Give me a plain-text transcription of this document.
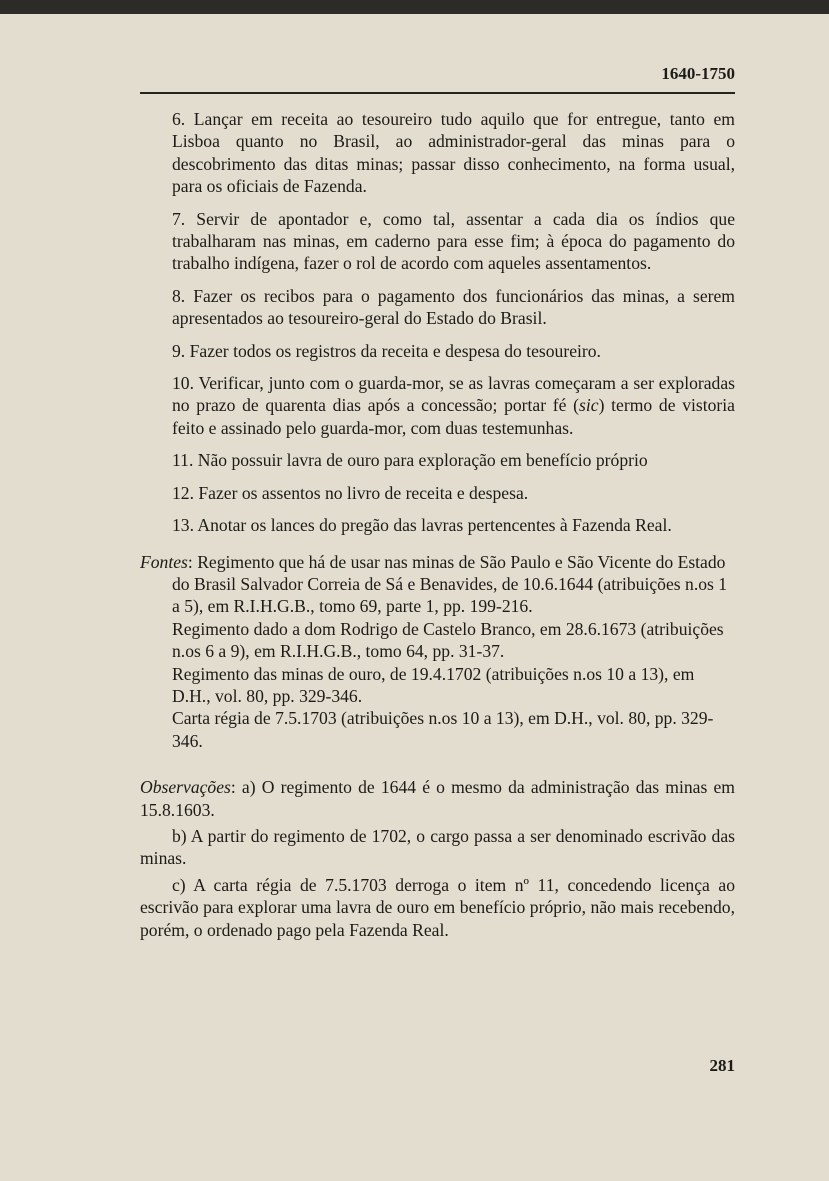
1640-1750

6. Lançar em receita ao tesoureiro tudo aquilo que for entregue, tanto em Lisboa quanto no Brasil, ao administrador-geral das minas para o descobrimento das ditas minas; passar disso conhecimento, na forma usual, para os oficiais de Fazenda.

7. Servir de apontador e, como tal, assentar a cada dia os índios que trabalharam nas minas, em caderno para esse fim; à época do pagamento do trabalho indígena, fazer o rol de acordo com aqueles assentamentos.

8. Fazer os recibos para o pagamento dos funcionários das minas, a serem apresentados ao tesoureiro-geral do Estado do Brasil.

9. Fazer todos os registros da receita e despesa do tesoureiro.

10. Verificar, junto com o guarda-mor, se as lavras começaram a ser exploradas no prazo de quarenta dias após a concessão; portar fé (sic) termo de vistoria feito e assinado pelo guarda-mor, com duas testemunhas.

11. Não possuir lavra de ouro para exploração em benefício próprio

12. Fazer os assentos no livro de receita e despesa.

13. Anotar os lances do pregão das lavras pertencentes à Fazenda Real.

Fontes: Regimento que há de usar nas minas de São Paulo e São Vicente do Estado do Brasil Salvador Correia de Sá e Benavides, de 10.6.1644 (atribuições n.os 1 a 5), em R.I.H.G.B., tomo 69, parte 1, pp. 199-216.
Regimento dado a dom Rodrigo de Castelo Branco, em 28.6.1673 (atribuições n.os 6 a 9), em R.I.H.G.B., tomo 64, pp. 31-37.
Regimento das minas de ouro, de 19.4.1702 (atribuições n.os 10 a 13), em D.H., vol. 80, pp. 329-346.
Carta régia de 7.5.1703 (atribuições n.os 10 a 13), em D.H., vol. 80, pp. 329-346.

Observações: a) O regimento de 1644 é o mesmo da administração das minas em 15.8.1603.

b) A partir do regimento de 1702, o cargo passa a ser denominado escrivão das minas.

c) A carta régia de 7.5.1703 derroga o item nº 11, concedendo licença ao escrivão para explorar uma lavra de ouro em benefício próprio, não mais recebendo, porém, o ordenado pago pela Fazenda Real.

281
